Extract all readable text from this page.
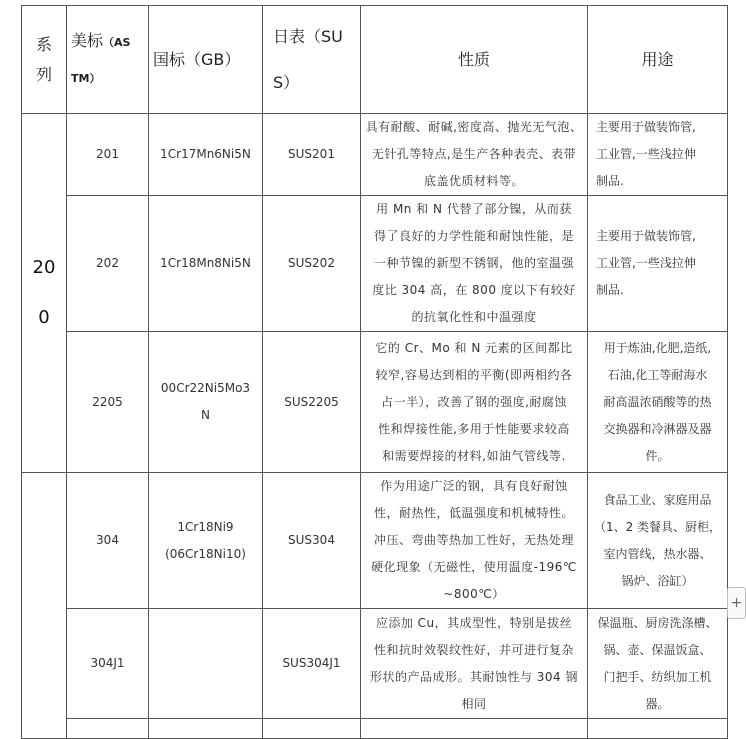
系
列	美标（AS
TM）	国标（GB）	日表（SU
S）	性质	用途
20
0	201	1Cr17Mn6Ni5N	SUS201	具有耐酸、耐碱,密度高、抛光无气泡、
无针孔等特点,是生产各种表壳、表带
底盖优质材料等。	主要用于做装饰管,
工业管,一些浅拉伸
制品.
	202	1Cr18Mn8Ni5N	SUS202	用 Mn 和 N 代替了部分镍，从而获
得了良好的力学性能和耐蚀性能，是
一种节镍的新型不锈钢，他的室温强
度比 304 高，在 800 度以下有较好
的抗氧化性和中温强度	主要用于做装饰管,
工业管,一些浅拉伸
制品.
	2205	00Cr22Ni5Mo3
N	SUS2205	它的 Cr、Mo 和 N 元素的区间都比
较窄,容易达到相的平衡(即两相约各
占一半），改善了钢的强度,耐腐蚀
性和焊接性能,多用于性能要求较高
和需要焊接的材料,如油气管线等.	用于炼油,化肥,造纸,
石油,化工等耐海水
耐高温浓硝酸等的热
交换器和冷淋器及器
件。
	304	1Cr18Ni9
(06Cr18Ni10)	SUS304	作为用途广泛的钢，具有良好耐蚀
性，耐热性，低温强度和机械特性。
冲压、弯曲等热加工性好，无热处理
硬化现象（无磁性，使用温度-196℃
~800℃）	食品工业、家庭用品
（1、2 类餐具、厨柜，
室内管线，热水器、
锅炉、浴缸）
	304J1		SUS304J1	应添加 Cu，其成型性，特别是拔丝
性和抗时效裂纹性好，并可进行复杂
形状的产品成形。其耐蚀性与 304 钢
相同	保温瓶、厨房洗涤槽、
锅、壶、保温饭盒、
门把手、纺织加工机
器。

+
